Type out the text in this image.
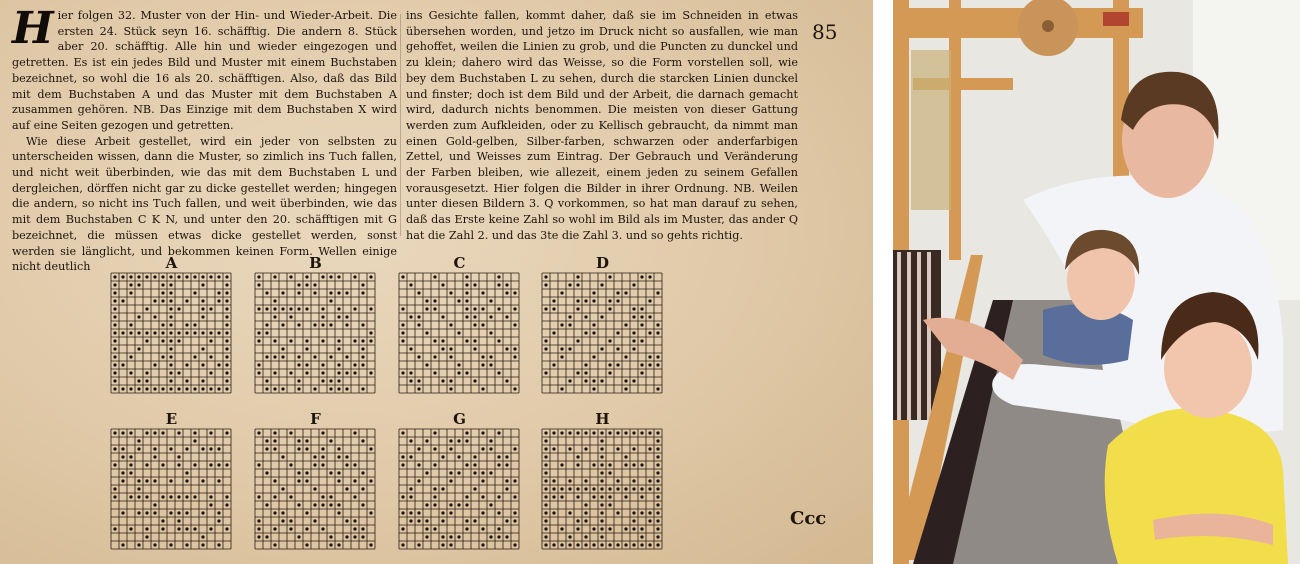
H ier folgen 32. Muster von der Hin- und Wieder-Arbeit. Die ersten 24. Stück seyn 16. schäfftig. Die andern 8. Stück aber 20. schäfftig. Alle hin und wieder eingezogen und getretten. Es ist ein jedes Bild und Muster mit einem Buchstaben bezeichnet, so wohl die 16 als 20. schäfftigen. Also, daß das Bild mit dem Buchstaben A und das Muster mit dem Buchstaben A zusammen gehören. NB. Das Einzige mit dem Buchstaben X wird auf eine Seiten gezogen und getretten.

Wie diese Arbeit gestellet, wird ein jeder von selbsten zu unterscheiden wissen, dann die Muster, so zimlich ins Tuch fallen, und nicht weit überbinden, wie das mit dem Buchstaben L und dergleichen, dörffen nicht gar zu dicke gestellet werden; hingegen die andern, so nicht ins Tuch fallen, und weit überbinden, wie das mit dem Buchstaben C K N, und unter den 20. schäfftigen mit G bezeichnet, die müssen etwas dicke gestellet werden, sonst werden sie länglicht, und bekommen keinen Form. Wellen einige nicht deutlich

ins Gesichte fallen, kommt daher, daß sie im Schneiden in etwas übersehen worden, und jetzo im Druck nicht so ausfallen, wie man gehoffet, weilen die Linien zu grob, und die Puncten zu dunckel und zu klein; dahero wird das Weisse, so die Form vorstellen soll, wie bey dem Buchstaben L zu sehen, durch die starcken Linien dunckel und finster; doch ist dem Bild und der Arbeit, die darnach gemacht wird, dadurch nichts benommen. Die meisten von dieser Gattung werden zum Aufkleiden, oder zu Kellisch gebraucht, da nimmt man einen Gold-gelben, Silber-farben, schwarzen oder anderfarbigen Zettel, und Weisses zum Eintrag. Der Gebrauch und Veränderung der Farben bleiben, wie allezeit, einem jeden zu seinem Gefallen vorausgesetzt. Hier folgen die Bilder in ihrer Ordnung. NB. Weilen unter diesen Bildern 3. Q vorkommen, so hat man darauf zu sehen, daß das Erste keine Zahl so wohl im Bild als im Muster, das ander Q hat die Zahl 2. und das 3te die Zahl 3. und so gehts richtig.

85
Ccc
A	B	C	D
E	F	G	H
